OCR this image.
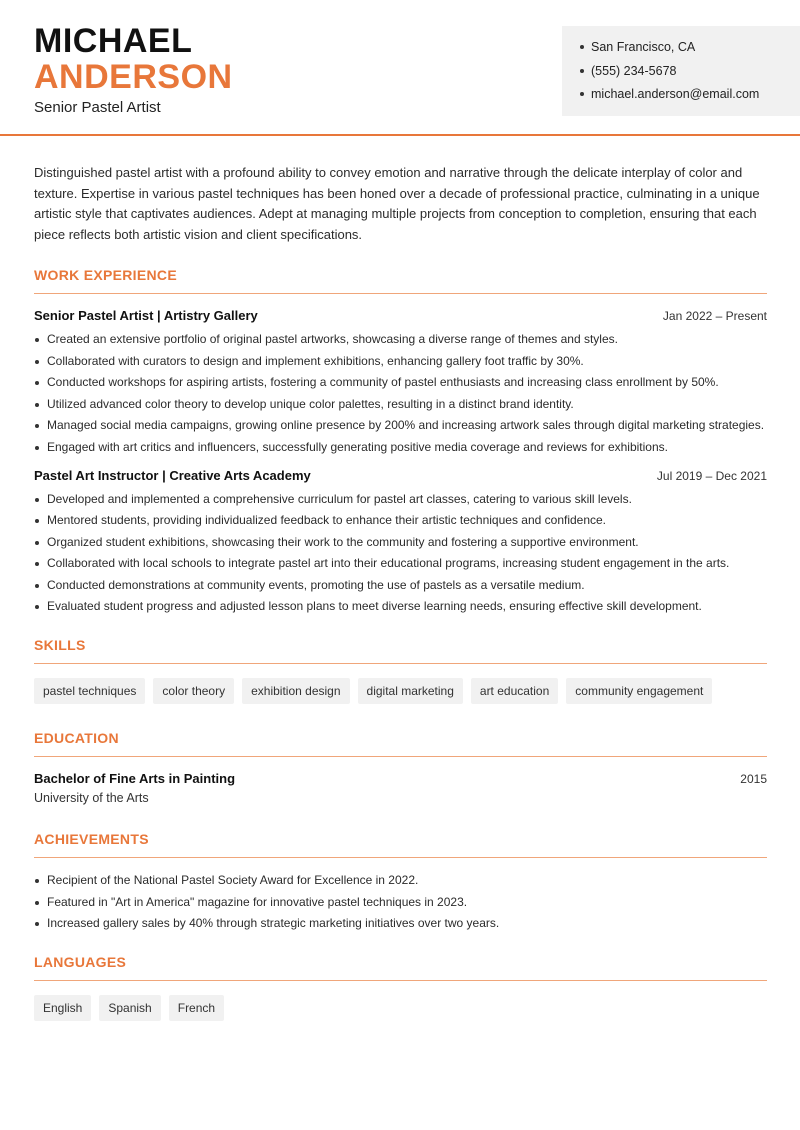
MICHAEL
ANDERSON
Senior Pastel Artist
San Francisco, CA
(555) 234-5678
michael.anderson@email.com

Distinguished pastel artist with a profound ability to convey emotion and narrative through the delicate interplay of color and texture. Expertise in various pastel techniques has been honed over a decade of professional practice, culminating in a unique artistic style that captivates audiences. Adept at managing multiple projects from conception to completion, ensuring that each piece reflects both artistic vision and client specifications.

WORK EXPERIENCE
Senior Pastel Artist | Artistry Gallery	Jan 2022 – Present
Created an extensive portfolio of original pastel artworks, showcasing a diverse range of themes and styles.
Collaborated with curators to design and implement exhibitions, enhancing gallery foot traffic by 30%.
Conducted workshops for aspiring artists, fostering a community of pastel enthusiasts and increasing class enrollment by 50%.
Utilized advanced color theory to develop unique color palettes, resulting in a distinct brand identity.
Managed social media campaigns, growing online presence by 200% and increasing artwork sales through digital marketing strategies.
Engaged with art critics and influencers, successfully generating positive media coverage and reviews for exhibitions.
Pastel Art Instructor | Creative Arts Academy	Jul 2019 – Dec 2021
Developed and implemented a comprehensive curriculum for pastel art classes, catering to various skill levels.
Mentored students, providing individualized feedback to enhance their artistic techniques and confidence.
Organized student exhibitions, showcasing their work to the community and fostering a supportive environment.
Collaborated with local schools to integrate pastel art into their educational programs, increasing student engagement in the arts.
Conducted demonstrations at community events, promoting the use of pastels as a versatile medium.
Evaluated student progress and adjusted lesson plans to meet diverse learning needs, ensuring effective skill development.
SKILLS
pastel techniques	color theory	exhibition design	digital marketing	art education	community engagement
EDUCATION
Bachelor of Fine Arts in Painting	2015
University of the Arts
ACHIEVEMENTS
Recipient of the National Pastel Society Award for Excellence in 2022.
Featured in "Art in America" magazine for innovative pastel techniques in 2023.
Increased gallery sales by 40% through strategic marketing initiatives over two years.
LANGUAGES
English	Spanish	French
